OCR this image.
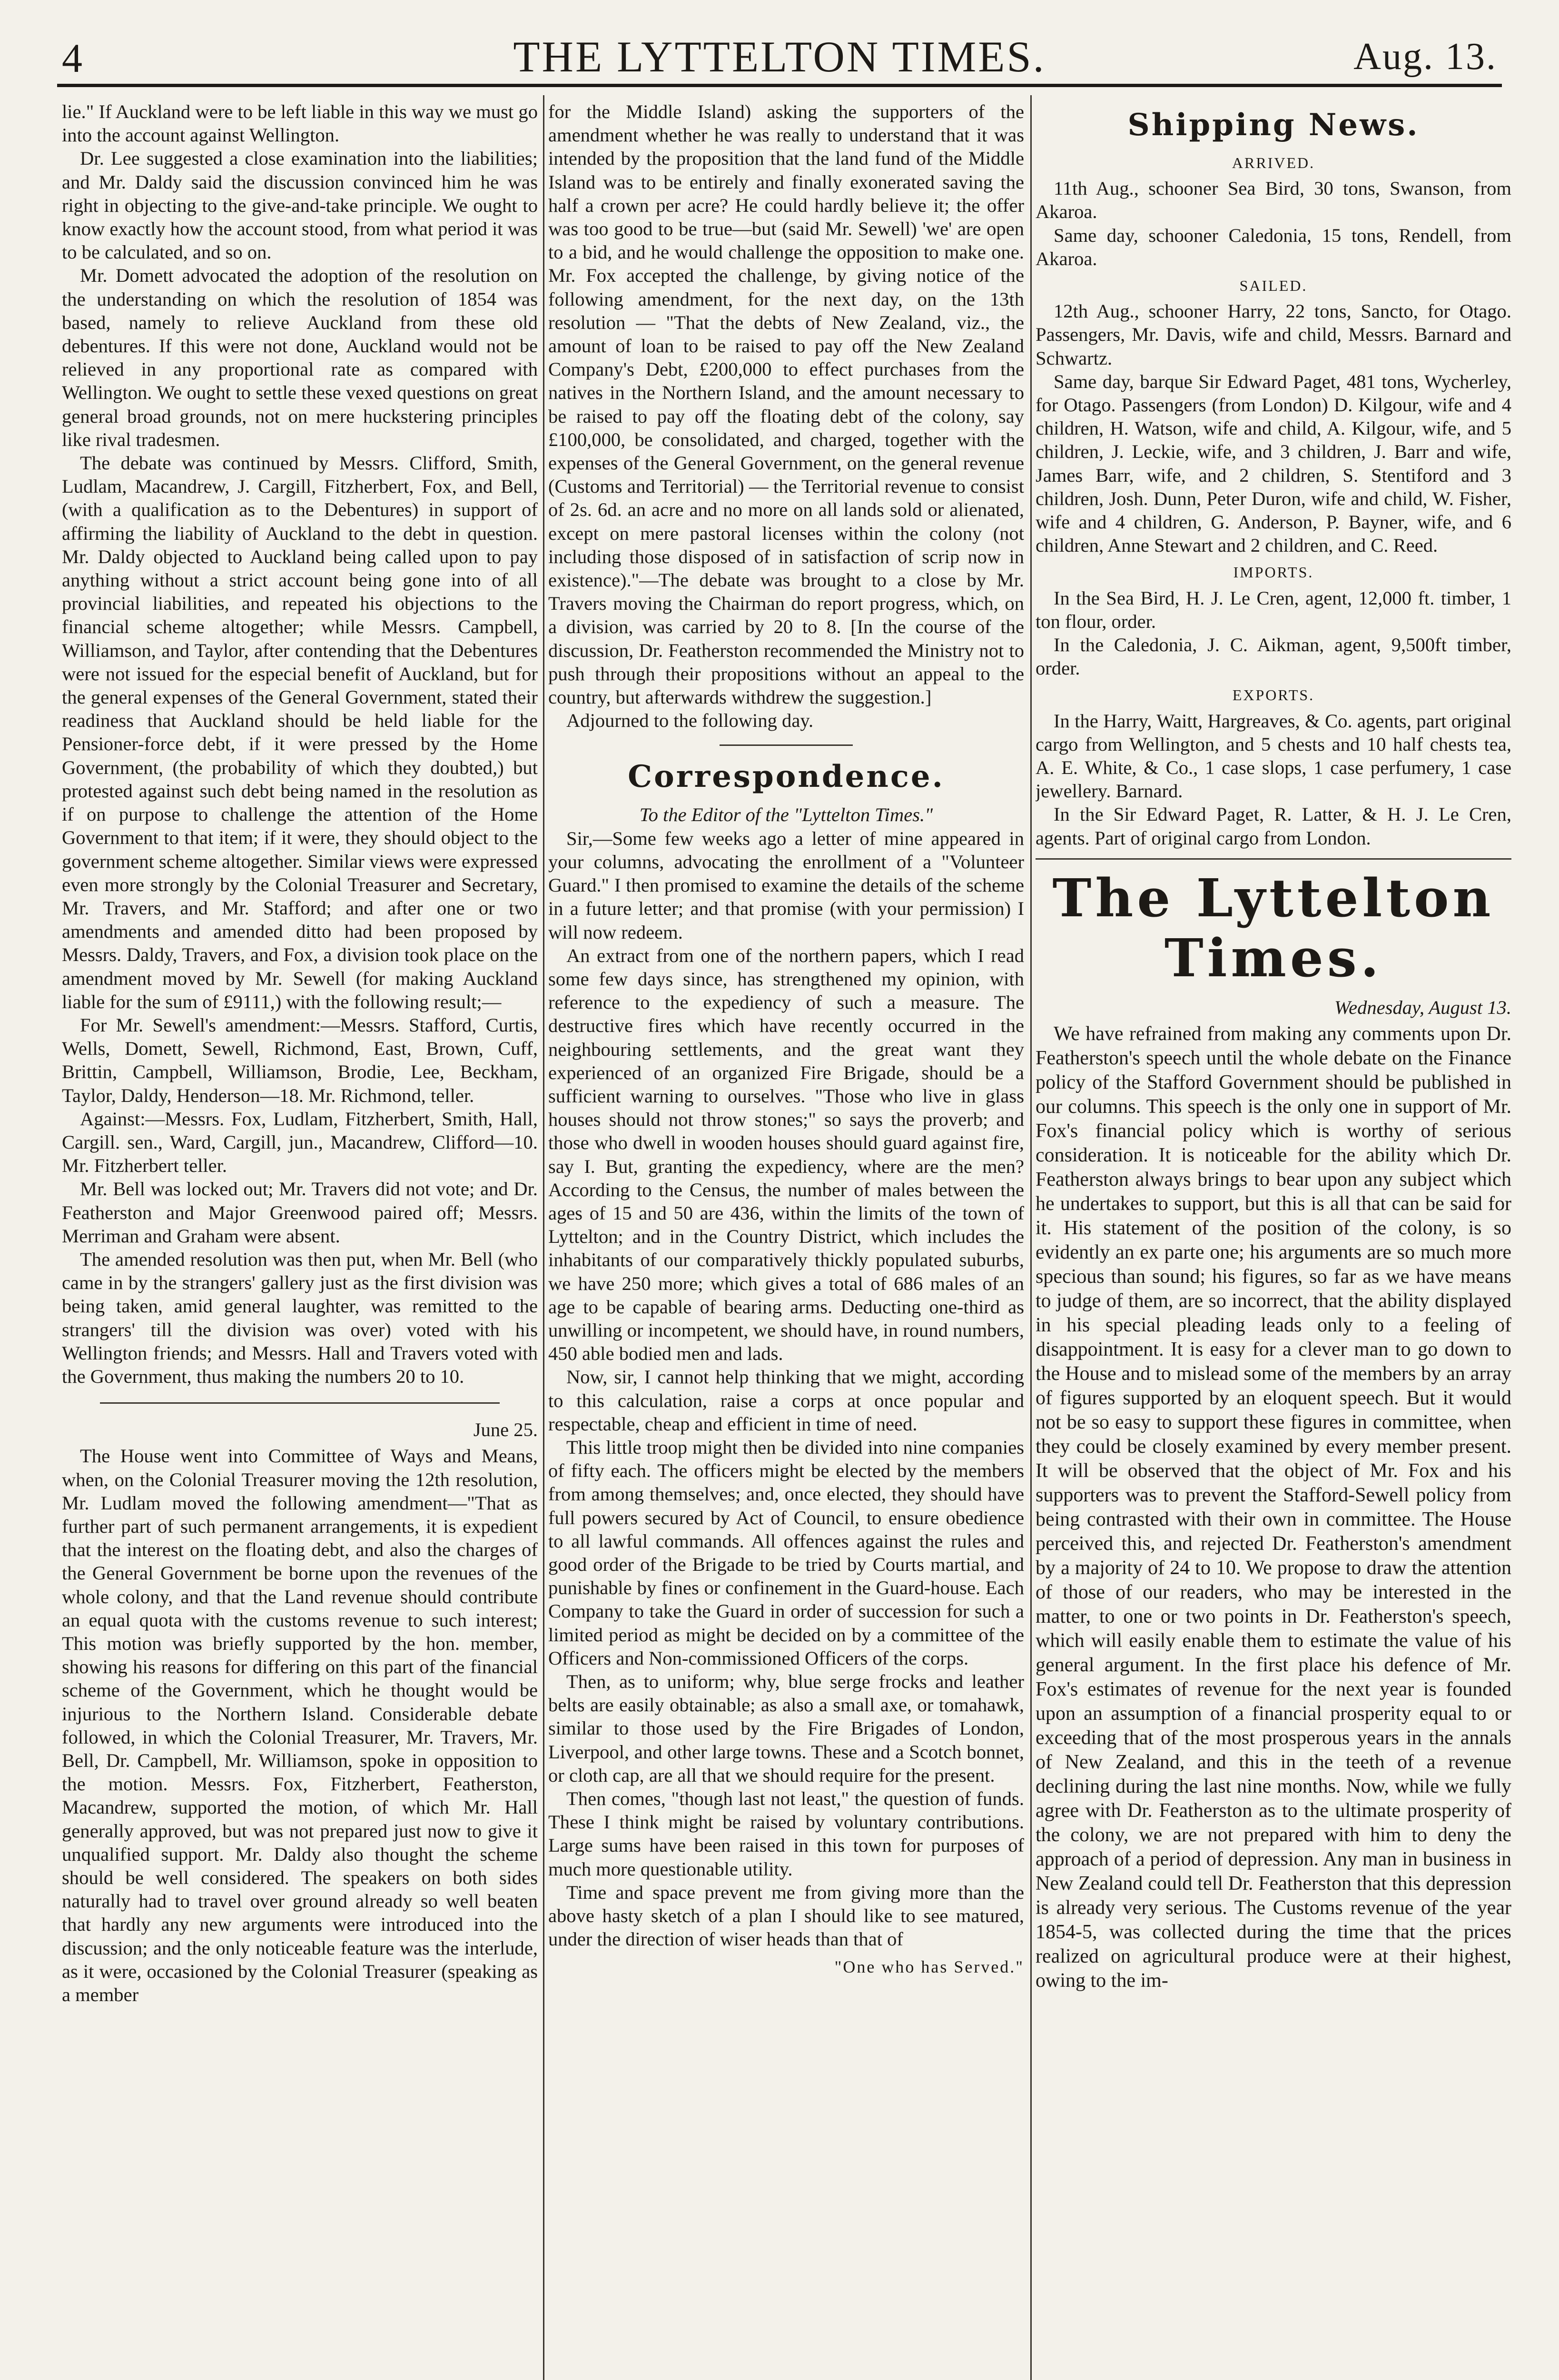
4	THE LYTTELTON TIMES.	Aug. 13.

lie." If Auckland were to be left liable in this way we must go into the account against Wellington.

Dr. Lee suggested a close examination into the liabilities; and Mr. Daldy said the discussion convinced him he was right in objecting to the give-and-take principle. We ought to know exactly how the account stood, from what period it was to be calculated, and so on.

Mr. Domett advocated the adoption of the resolution on the understanding on which the resolution of 1854 was based, namely to relieve Auckland from these old debentures. If this were not done, Auckland would not be relieved in any proportional rate as compared with Wellington. We ought to settle these vexed questions on great general broad grounds, not on mere huckstering principles like rival tradesmen.

The debate was continued by Messrs. Clifford, Smith, Ludlam, Macandrew, J. Cargill, Fitzherbert, Fox, and Bell, (with a qualification as to the Debentures) in support of affirming the liability of Auckland to the debt in question. Mr. Daldy objected to Auckland being called upon to pay anything without a strict account being gone into of all provincial liabilities, and repeated his objections to the financial scheme altogether; while Messrs. Campbell, Williamson, and Taylor, after contending that the Debentures were not issued for the especial benefit of Auckland, but for the general expenses of the General Government, stated their readiness that Auckland should be held liable for the Pensioner-force debt, if it were pressed by the Home Government, (the probability of which they doubted,) but protested against such debt being named in the resolution as if on purpose to challenge the attention of the Home Government to that item; if it were, they should object to the government scheme altogether. Similar views were expressed even more strongly by the Colonial Treasurer and Secretary, Mr. Travers, and Mr. Stafford; and after one or two amendments and amended ditto had been proposed by Messrs. Daldy, Travers, and Fox, a division took place on the amendment moved by Mr. Sewell (for making Auckland liable for the sum of £9111,) with the following result;—

For Mr. Sewell's amendment:—Messrs. Stafford, Curtis, Wells, Domett, Sewell, Richmond, East, Brown, Cuff, Brittin, Campbell, Williamson, Brodie, Lee, Beckham, Taylor, Daldy, Henderson—18. Mr. Richmond, teller.

Against:—Messrs. Fox, Ludlam, Fitzherbert, Smith, Hall, Cargill. sen., Ward, Cargill, jun., Macandrew, Clifford—10. Mr. Fitzherbert teller.

Mr. Bell was locked out; Mr. Travers did not vote; and Dr. Featherston and Major Greenwood paired off; Messrs. Merriman and Graham were absent.

The amended resolution was then put, when Mr. Bell (who came in by the strangers' gallery just as the first division was being taken, amid general laughter, was remitted to the strangers' till the division was over) voted with his Wellington friends; and Messrs. Hall and Travers voted with the Government, thus making the numbers 20 to 10.

June 25.

The House went into Committee of Ways and Means, when, on the Colonial Treasurer moving the 12th resolution, Mr. Ludlam moved the following amendment—"That as further part of such permanent arrangements, it is expedient that the interest on the floating debt, and also the charges of the General Government be borne upon the revenues of the whole colony, and that the Land revenue should contribute an equal quota with the customs revenue to such interest; This motion was briefly supported by the hon. member, showing his reasons for differing on this part of the financial scheme of the Government, which he thought would be injurious to the Northern Island. Considerable debate followed, in which the Colonial Treasurer, Mr. Travers, Mr. Bell, Dr. Campbell, Mr. Williamson, spoke in opposition to the motion. Messrs. Fox, Fitzherbert, Featherston, Macandrew, supported the motion, of which Mr. Hall generally approved, but was not prepared just now to give it unqualified support. Mr. Daldy also thought the scheme should be well considered. The speakers on both sides naturally had to travel over ground already so well beaten that hardly any new arguments were introduced into the discussion; and the only noticeable feature was the interlude, as it were, occasioned by the Colonial Treasurer (speaking as a member

for the Middle Island) asking the supporters of the amendment whether he was really to understand that it was intended by the proposition that the land fund of the Middle Island was to be entirely and finally exonerated saving the half a crown per acre? He could hardly believe it; the offer was too good to be true—but (said Mr. Sewell) 'we' are open to a bid, and he would challenge the opposition to make one. Mr. Fox accepted the challenge, by giving notice of the following amendment, for the next day, on the 13th resolution — "That the debts of New Zealand, viz., the amount of loan to be raised to pay off the New Zealand Company's Debt, £200,000 to effect purchases from the natives in the Northern Island, and the amount necessary to be raised to pay off the floating debt of the colony, say £100,000, be consolidated, and charged, together with the expenses of the General Government, on the general revenue (Customs and Territorial) — the Territorial revenue to consist of 2s. 6d. an acre and no more on all lands sold or alienated, except on mere pastoral licenses within the colony (not including those disposed of in satisfaction of scrip now in existence)."—The debate was brought to a close by Mr. Travers moving the Chairman do report progress, which, on a division, was carried by 20 to 8. [In the course of the discussion, Dr. Featherston recommended the Ministry not to push through their propositions without an appeal to the country, but afterwards withdrew the suggestion.]

Adjourned to the following day.

Correspondence.

To the Editor of the "Lyttelton Times."

Sir,—Some few weeks ago a letter of mine appeared in your columns, advocating the enrollment of a "Volunteer Guard." I then promised to examine the details of the scheme in a future letter; and that promise (with your permission) I will now redeem.

An extract from one of the northern papers, which I read some few days since, has strengthened my opinion, with reference to the expediency of such a measure. The destructive fires which have recently occurred in the neighbouring settlements, and the great want they experienced of an organized Fire Brigade, should be a sufficient warning to ourselves. "Those who live in glass houses should not throw stones;" so says the proverb; and those who dwell in wooden houses should guard against fire, say I. But, granting the expediency, where are the men? According to the Census, the number of males between the ages of 15 and 50 are 436, within the limits of the town of Lyttelton; and in the Country District, which includes the inhabitants of our comparatively thickly populated suburbs, we have 250 more; which gives a total of 686 males of an age to be capable of bearing arms. Deducting one-third as unwilling or incompetent, we should have, in round numbers, 450 able bodied men and lads.

Now, sir, I cannot help thinking that we might, according to this calculation, raise a corps at once popular and respectable, cheap and efficient in time of need.

This little troop might then be divided into nine companies of fifty each. The officers might be elected by the members from among themselves; and, once elected, they should have full powers secured by Act of Council, to ensure obedience to all lawful commands. All offences against the rules and good order of the Brigade to be tried by Courts martial, and punishable by fines or confinement in the Guard-house. Each Company to take the Guard in order of succession for such a limited period as might be decided on by a committee of the Officers and Non-commissioned Officers of the corps.

Then, as to uniform; why, blue serge frocks and leather belts are easily obtainable; as also a small axe, or tomahawk, similar to those used by the Fire Brigades of London, Liverpool, and other large towns. These and a Scotch bonnet, or cloth cap, are all that we should require for the present.

Then comes, "though last not least," the question of funds. These I think might be raised by voluntary contributions. Large sums have been raised in this town for purposes of much more questionable utility.

Time and space prevent me from giving more than the above hasty sketch of a plan I should like to see matured, under the direction of wiser heads than that of

"One who has Served."
Shipping News.
ARRIVED.

11th Aug., schooner Sea Bird, 30 tons, Swanson, from Akaroa.

Same day, schooner Caledonia, 15 tons, Rendell, from Akaroa.

SAILED.

12th Aug., schooner Harry, 22 tons, Sancto, for Otago. Passengers, Mr. Davis, wife and child, Messrs. Barnard and Schwartz.

Same day, barque Sir Edward Paget, 481 tons, Wycherley, for Otago. Passengers (from London) D. Kilgour, wife and 4 children, H. Watson, wife and child, A. Kilgour, wife, and 5 children, J. Leckie, wife, and 3 children, J. Barr and wife, James Barr, wife, and 2 children, S. Stentiford and 3 children, Josh. Dunn, Peter Duron, wife and child, W. Fisher, wife and 4 children, G. Anderson, P. Bayner, wife, and 6 children, Anne Stewart and 2 children, and C. Reed.

IMPORTS.

In the Sea Bird, H. J. Le Cren, agent, 12,000 ft. timber, 1 ton flour, order.

In the Caledonia, J. C. Aikman, agent, 9,500ft timber, order.

EXPORTS.

In the Harry, Waitt, Hargreaves, & Co. agents, part original cargo from Wellington, and 5 chests and 10 half chests tea, A. E. White, & Co., 1 case slops, 1 case perfumery, 1 case jewellery. Barnard.

In the Sir Edward Paget, R. Latter, & H. J. Le Cren, agents. Part of original cargo from London.

The Lyttelton Times.
Wednesday, August 13.

We have refrained from making any comments upon Dr. Featherston's speech until the whole debate on the Finance policy of the Stafford Government should be published in our columns. This speech is the only one in support of Mr. Fox's financial policy which is worthy of serious consideration. It is noticeable for the ability which Dr. Featherston always brings to bear upon any subject which he undertakes to support, but this is all that can be said for it. His statement of the position of the colony, is so evidently an ex parte one; his arguments are so much more specious than sound; his figures, so far as we have means to judge of them, are so incorrect, that the ability displayed in his special pleading leads only to a feeling of disappointment. It is easy for a clever man to go down to the House and to mislead some of the members by an array of figures supported by an eloquent speech. But it would not be so easy to support these figures in committee, when they could be closely examined by every member present. It will be observed that the object of Mr. Fox and his supporters was to prevent the Stafford-Sewell policy from being contrasted with their own in committee. The House perceived this, and rejected Dr. Featherston's amendment by a majority of 24 to 10. We propose to draw the attention of those of our readers, who may be interested in the matter, to one or two points in Dr. Featherston's speech, which will easily enable them to estimate the value of his general argument. In the first place his defence of Mr. Fox's estimates of revenue for the next year is founded upon an assumption of a financial prosperity equal to or exceeding that of the most prosperous years in the annals of New Zealand, and this in the teeth of a revenue declining during the last nine months. Now, while we fully agree with Dr. Featherston as to the ultimate prosperity of the colony, we are not prepared with him to deny the approach of a period of depression. Any man in business in New Zealand could tell Dr. Featherston that this depression is already very serious. The Customs revenue of the year 1854-5, was collected during the time that the prices realized on agricultural produce were at their highest, owing to the im-
